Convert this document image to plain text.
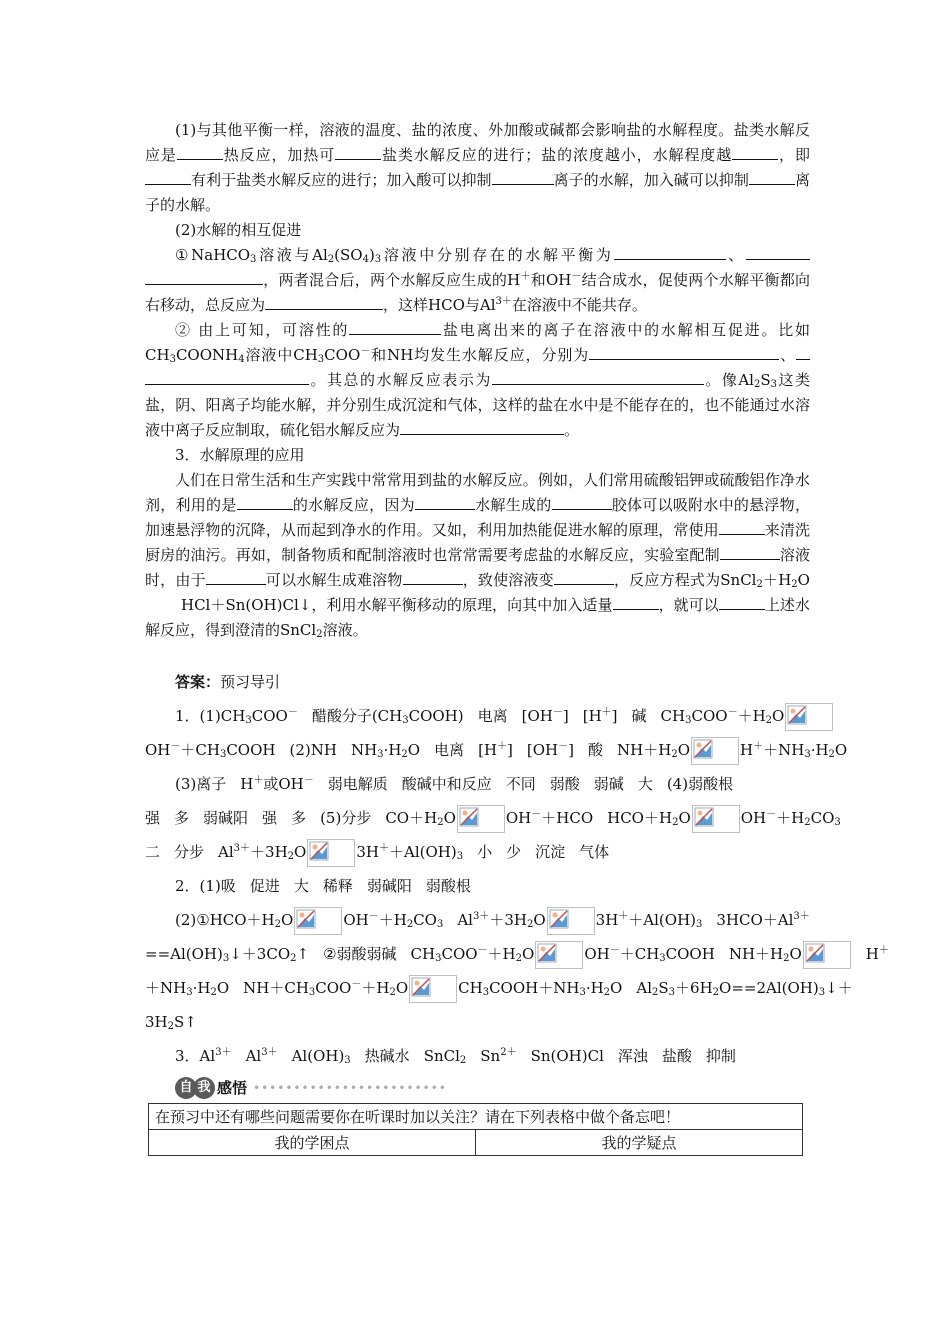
(1)与其他平衡一样，溶液的温度、盐的浓度、外加酸或碱都会影响盐的水解程度。盐类水解反应是	热反应，加热可	盐类水解反应的进行；盐的浓度越小，水解程度越	，即有利于盐类水解反应的进行；加入酸可以抑制	离子的水解，加入碱可以抑制	离子的水解。

(2)水解的相互促进

①NaHCO$_3$溶液与$Al_2(SO_4)_3$溶液中分别存在的水解平衡为	、，两者混合后，两个水解反应生成的H＋和OH－结合成水，促使两个水解平衡都向右移动，总反应为	，这样HCO与$Al^{3+}$在溶液中不能共存。

② 由上可知，可溶性的	盐电离出来的离子在溶液中的水解相互促进。比如$CH_3COONH_4$溶液中$CH_3COO^-$和NH均发生水解反应，分别为	、。其总的水解反应表示为	。像$Al_2S_3$这类盐，阴、阳离子均能水解，并分别生成沉淀和气体，这样的盐在水中是不能存在的，也不能通过水溶液中离子反应制取，硫化铝水解反应为	。

3．水解原理的应用

人们在日常生活和生产实践中常常用到盐的水解反应。例如，人们常用硫酸铝钾或硫酸铝作净水剂，利用的是	的水解反应，因为	水解生成的	胶体可以吸附水中的悬浮物，加速悬浮物的沉降，从而起到净水的作用。又如，利用加热能促进水解的原理，常使用	来清洗厨房的油污。再如，制备物质和配制溶液时也常常需要考虑盐的水解反应，实验室配制	溶液时，由于	可以水解生成难溶物	，致使溶液变	，反应方程式为$SnCl_2+H_2OHCl+Sn(OH)Cl↓$，利用水解平衡移动的原理，向其中加入适量	，就可以	上述水解反应，得到澄清的SnCl$_2$溶液。

答案：预习导引

1．$(1)CH_3COO^-$ 醋酸分子$(CH_3COOH)$ 电离 [OH－] [H＋] 碱 $CH_3COO^-+H_2O$

$OH^-+CH_3COOH$ (2)NH $NH_3\cdot H_2O$ 电离 [H＋] [OH－] 酸 $NH+H_2O$	$H^++NH_3\cdot H_2O$

(3)离子 H＋或OH－ 弱电解质 酸碱中和反应 不同 弱酸 弱碱 大 (4)弱酸根

强 多 弱碱阳 强 多 (5)分步 $CO+H_2O$	OH－＋HCO $HCO+H_2O$	$OH^-+H_2CO_3$

二 分步 $Al^{3+}+3H_2O$	$3H^++Al(OH)_3$ 小 少 沉淀 气体

2．(1)吸 促进 大 稀释 弱碱阳 弱酸根

$(2)①HCO+H_2O$	$OH^-+H_2CO_3$ $Al^{3+}+3H_2O$	$3H^++Al(OH)_3$ $3HCO+Al^{3+}$

$==Al(OH)_3↓+3CO_2↑$ ②弱酸弱碱 $CH_3COO^-+H_2O$	$OH^-+CH_3COOH$ $NH+H_2O$	H＋

$+NH_3\cdot H_2O$ $NH+CH_3COO^-+H_2O$	$CH_3COOH+NH_3\cdot H_2O$ $Al_2S_3+6H_2O==2Al(OH)_3↓+$

$3H_2S↑$

3．$Al^{3+}$ $Al^{3+}$ $Al(OH)_3$ 热碱水 SnCl$_2$ $Sn^{2+}$ Sn(OH)Cl 浑浊 盐酸 抑制

自 我 感悟 ••••••••••••••••••••••••
在预习中还有哪些问题需要你在听课时加以关注？请在下列表格中做个备忘吧！
我的学困点	我的学疑点
